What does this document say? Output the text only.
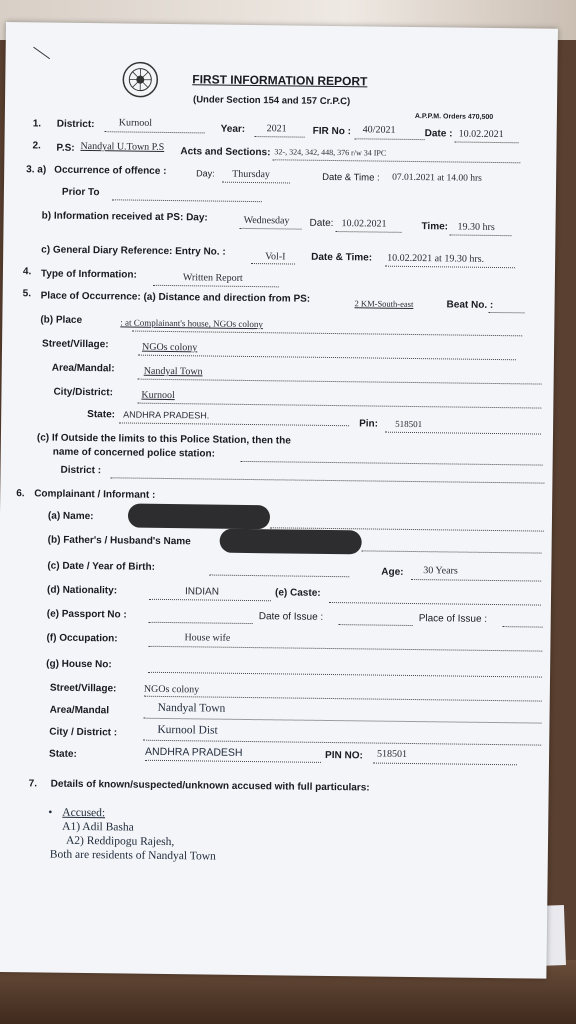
FIRST INFORMATION REPORT
(Under Section 154 and 157 Cr.P.C)
A.P.P.M. Orders 470,500
1. District: Kurnool
Year: 2021	FIR No : 40/2021	Date : 10.02.2021
2. P.S: Nandyal U.Town P.S Acts and Sections: 32-, 324, 342, 448, 376 r/w 34 IPC
3. a) Occurrence of offence :	Day: Thursday	Date & Time : 07.01.2021 at 14.00 hrs
Prior To
b) Information received at PS: Day:	Wednesday Date: 10.02.2021	Time: 19.30 hrs
c) General Diary Reference: Entry No. :	Vol-I	Date & Time: 10.02.2021 at 19.30 hrs.
4. Type of Information:	Written Report
5. Place of Occurrence: (a) Distance and direction from PS:	2 KM-South-east	Beat No. :
(b) Place	: at Complainant's house, NGOs colony
Street/Village:	NGOs colony
Area/Mandal:	Nandyal Town
City/District:	Kurnool
State: ANDHRA PRADESH.
Pin: 518501
(c) If Outside the limits to this Police Station, then the
name of concerned police station:
District :
6. Complainant / Informant :
(a) Name:
(b) Father's / Husband's Name
(c) Date / Year of Birth:	Age: 30 Years
(d) Nationality:	INDIAN	(e) Caste:
(e) Passport No :	Date of Issue :	Place of Issue :
(f) Occupation:	House wife
(g) House No:
Street/Village:	NGOs colony
Area/Mandal	Nandyal Town
City / District :	Kurnool Dist
State:	ANDHRA PRADESH	PIN NO: 518501
7. Details of known/suspected/unknown accused with full particulars:
• Accused:
A1) Adil Basha
A2) Reddipogu Rajesh,
Both are residents of Nandyal Town
